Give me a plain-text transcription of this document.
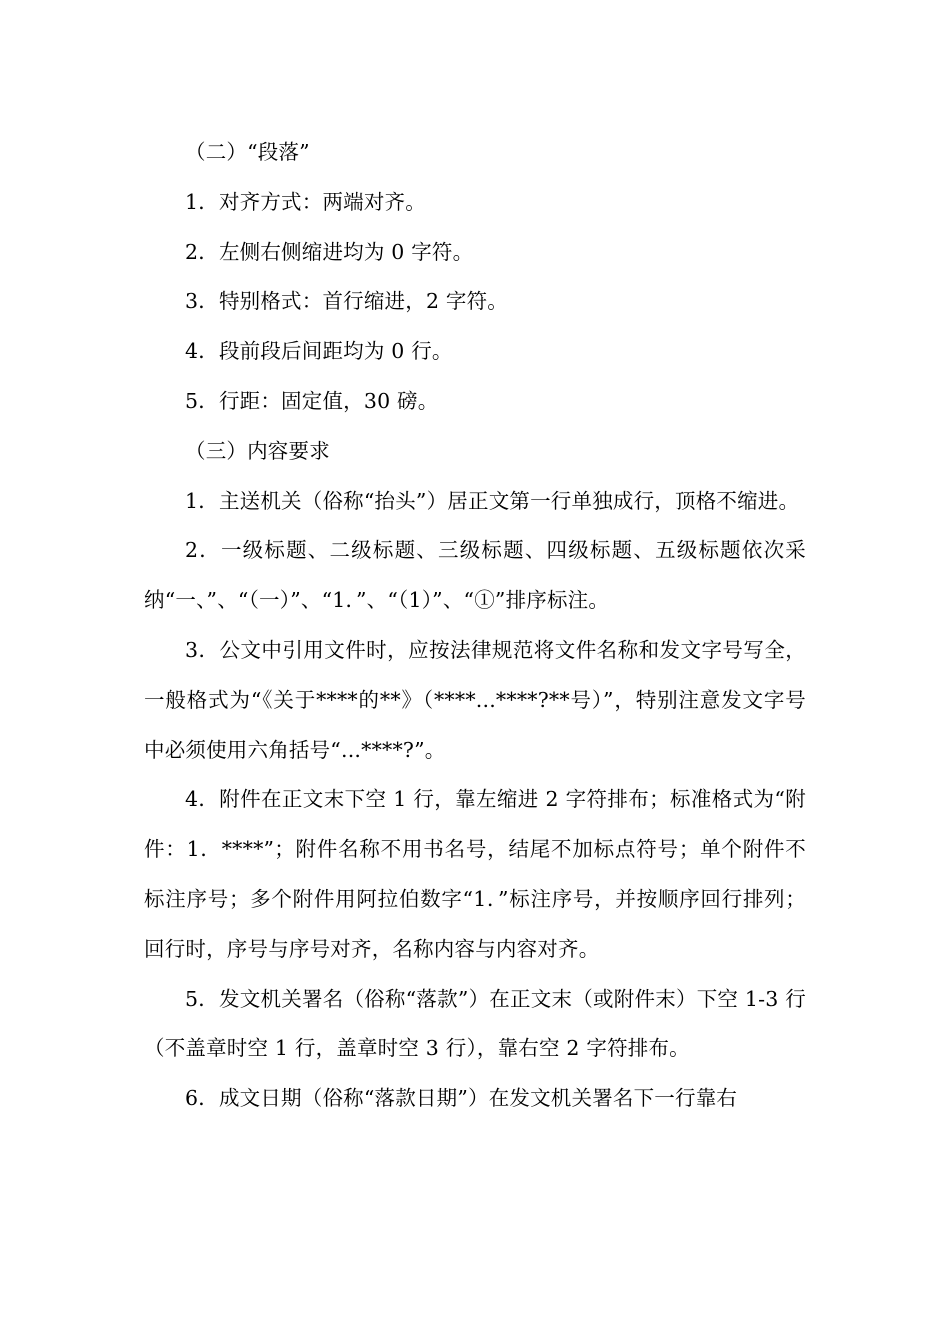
（二）“段落”

1．对齐方式：两端对齐。

2．左侧右侧缩进均为 0 字符。

3．特别格式：首行缩进，2 字符。

4．段前段后间距均为 0 行。

5．行距：固定值，30 磅。

（三）内容要求

1．主送机关（俗称“抬头”）居正文第一行单独成行，顶格不缩进。

2．一级标题、二级标题、三级标题、四级标题、五级标题依次采纳“一、”、“（一）”、“1．”、“（1）”、“①”排序标注。

3．公文中引用文件时，应按法律规范将文件名称和发文字号写全，一般格式为“《关于****的**》（****...****?**号）”，特别注意发文字号中必须使用六角括号“...****?”。

4．附件在正文末下空 1 行，靠左缩进 2 字符排布；标准格式为“附件：1．****”；附件名称不用书名号，结尾不加标点符号；单个附件不标注序号；多个附件用阿拉伯数字“1．”标注序号，并按顺序回行排列；回行时，序号与序号对齐，名称内容与内容对齐。

5．发文机关署名（俗称“落款”）在正文末（或附件末）下空 1-3 行（不盖章时空 1 行，盖章时空 3 行），靠右空 2 字符排布。

6．成文日期（俗称“落款日期”）在发文机关署名下一行靠右
